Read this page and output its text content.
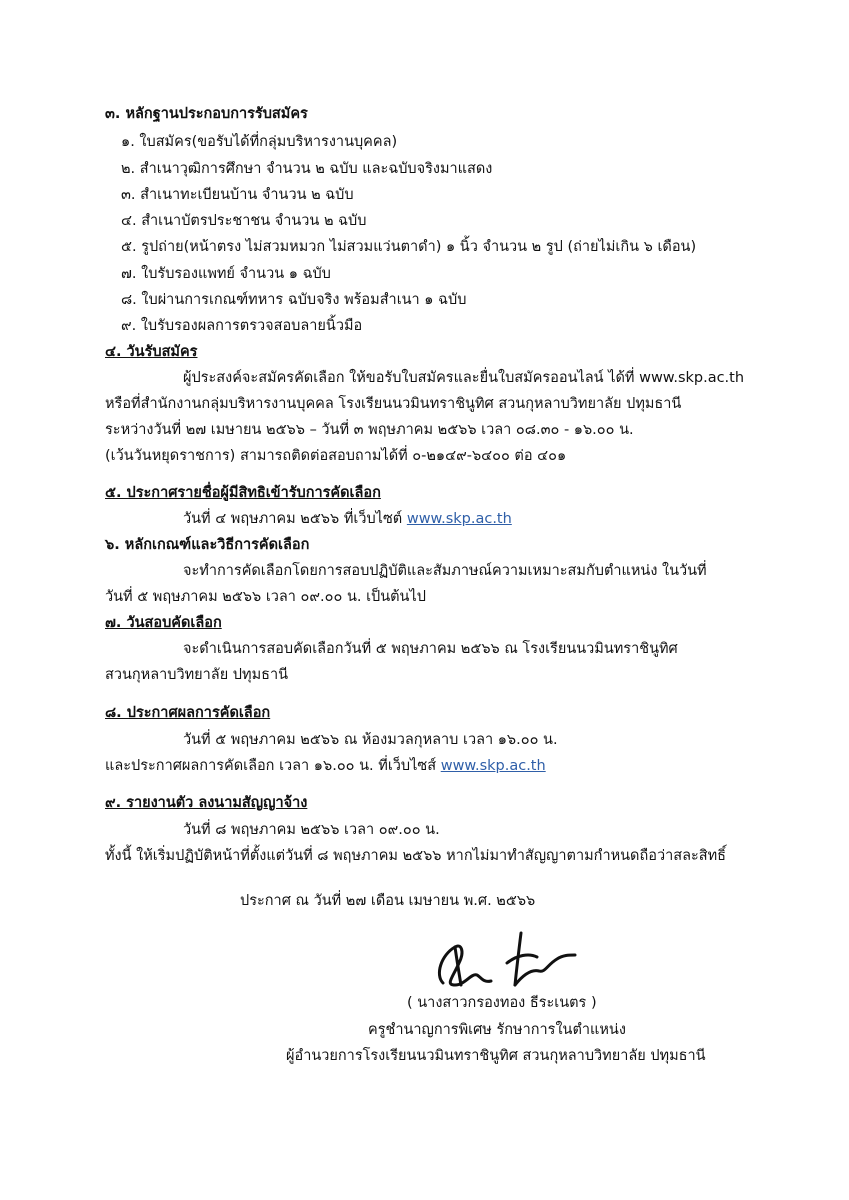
๓. หลักฐานประกอบการรับสมัคร
๑. ใบสมัคร(ขอรับได้ที่กลุ่มบริหารงานบุคคล)
๒. สำเนาวุฒิการศึกษา จำนวน ๒ ฉบับ และฉบับจริงมาแสดง
๓. สำเนาทะเบียนบ้าน จำนวน ๒ ฉบับ
๔. สำเนาบัตรประชาชน จำนวน ๒ ฉบับ
๕. รูปถ่าย(หน้าตรง ไม่สวมหมวก ไม่สวมแว่นตาดำ) ๑ นิ้ว จำนวน ๒ รูป (ถ่ายไม่เกิน ๖ เดือน)
๗. ใบรับรองแพทย์ จำนวน ๑ ฉบับ
๘. ใบผ่านการเกณฑ์ทหาร ฉบับจริง พร้อมสำเนา ๑ ฉบับ
๙. ใบรับรองผลการตรวจสอบลายนิ้วมือ
๔. วันรับสมัคร
ผู้ประสงค์จะสมัครคัดเลือก ให้ขอรับใบสมัครและยื่นใบสมัครออนไลน์ ได้ที่ www.skp.ac.th
หรือที่สำนักงานกลุ่มบริหารงานบุคคล โรงเรียนนวมินทราชินูทิศ สวนกุหลาบวิทยาลัย ปทุมธานี
ระหว่างวันที่ ๒๗ เมษายน ๒๕๖๖ – วันที่ ๓ พฤษภาคม ๒๕๖๖ เวลา ๐๘.๓๐ - ๑๖.๐๐ น.
(เว้นวันหยุดราชการ) สามารถติดต่อสอบถามได้ที่ ๐-๒๑๔๙-๖๔๐๐ ต่อ ๔๐๑
๕. ประกาศรายชื่อผู้มีสิทธิเข้ารับการคัดเลือก
วันที่ ๔ พฤษภาคม ๒๕๖๖ ที่เว็บไซต์ www.skp.ac.th
๖. หลักเกณฑ์และวิธีการคัดเลือก
จะทำการคัดเลือกโดยการสอบปฏิบัติและสัมภาษณ์ความเหมาะสมกับตำแหน่ง ในวันที่
วันที่ ๕ พฤษภาคม ๒๕๖๖ เวลา ๐๙.๐๐ น. เป็นต้นไป
๗. วันสอบคัดเลือก
จะดำเนินการสอบคัดเลือกวันที่ ๕ พฤษภาคม ๒๕๖๖ ณ โรงเรียนนวมินทราชินูทิศ
สวนกุหลาบวิทยาลัย ปทุมธานี
๘. ประกาศผลการคัดเลือก
วันที่ ๕ พฤษภาคม ๒๕๖๖ ณ ห้องมวลกุหลาบ เวลา ๑๖.๐๐ น.
และประกาศผลการคัดเลือก เวลา ๑๖.๐๐ น. ที่เว็บไซส์ www.skp.ac.th
๙. รายงานตัว ลงนามสัญญาจ้าง
วันที่ ๘ พฤษภาคม ๒๕๖๖ เวลา ๐๙.๐๐ น.
ทั้งนี้ ให้เริ่มปฏิบัติหน้าที่ตั้งแต่วันที่ ๘ พฤษภาคม ๒๕๖๖ หากไม่มาทำสัญญาตามกำหนดถือว่าสละสิทธิ์
ประกาศ ณ วันที่ ๒๗ เดือน เมษายน พ.ศ. ๒๕๖๖
( นางสาวกรองทอง ธีระเนตร )
ครูชำนาญการพิเศษ รักษาการในตำแหน่ง
ผู้อำนวยการโรงเรียนนวมินทราชินูทิศ สวนกุหลาบวิทยาลัย ปทุมธานี
